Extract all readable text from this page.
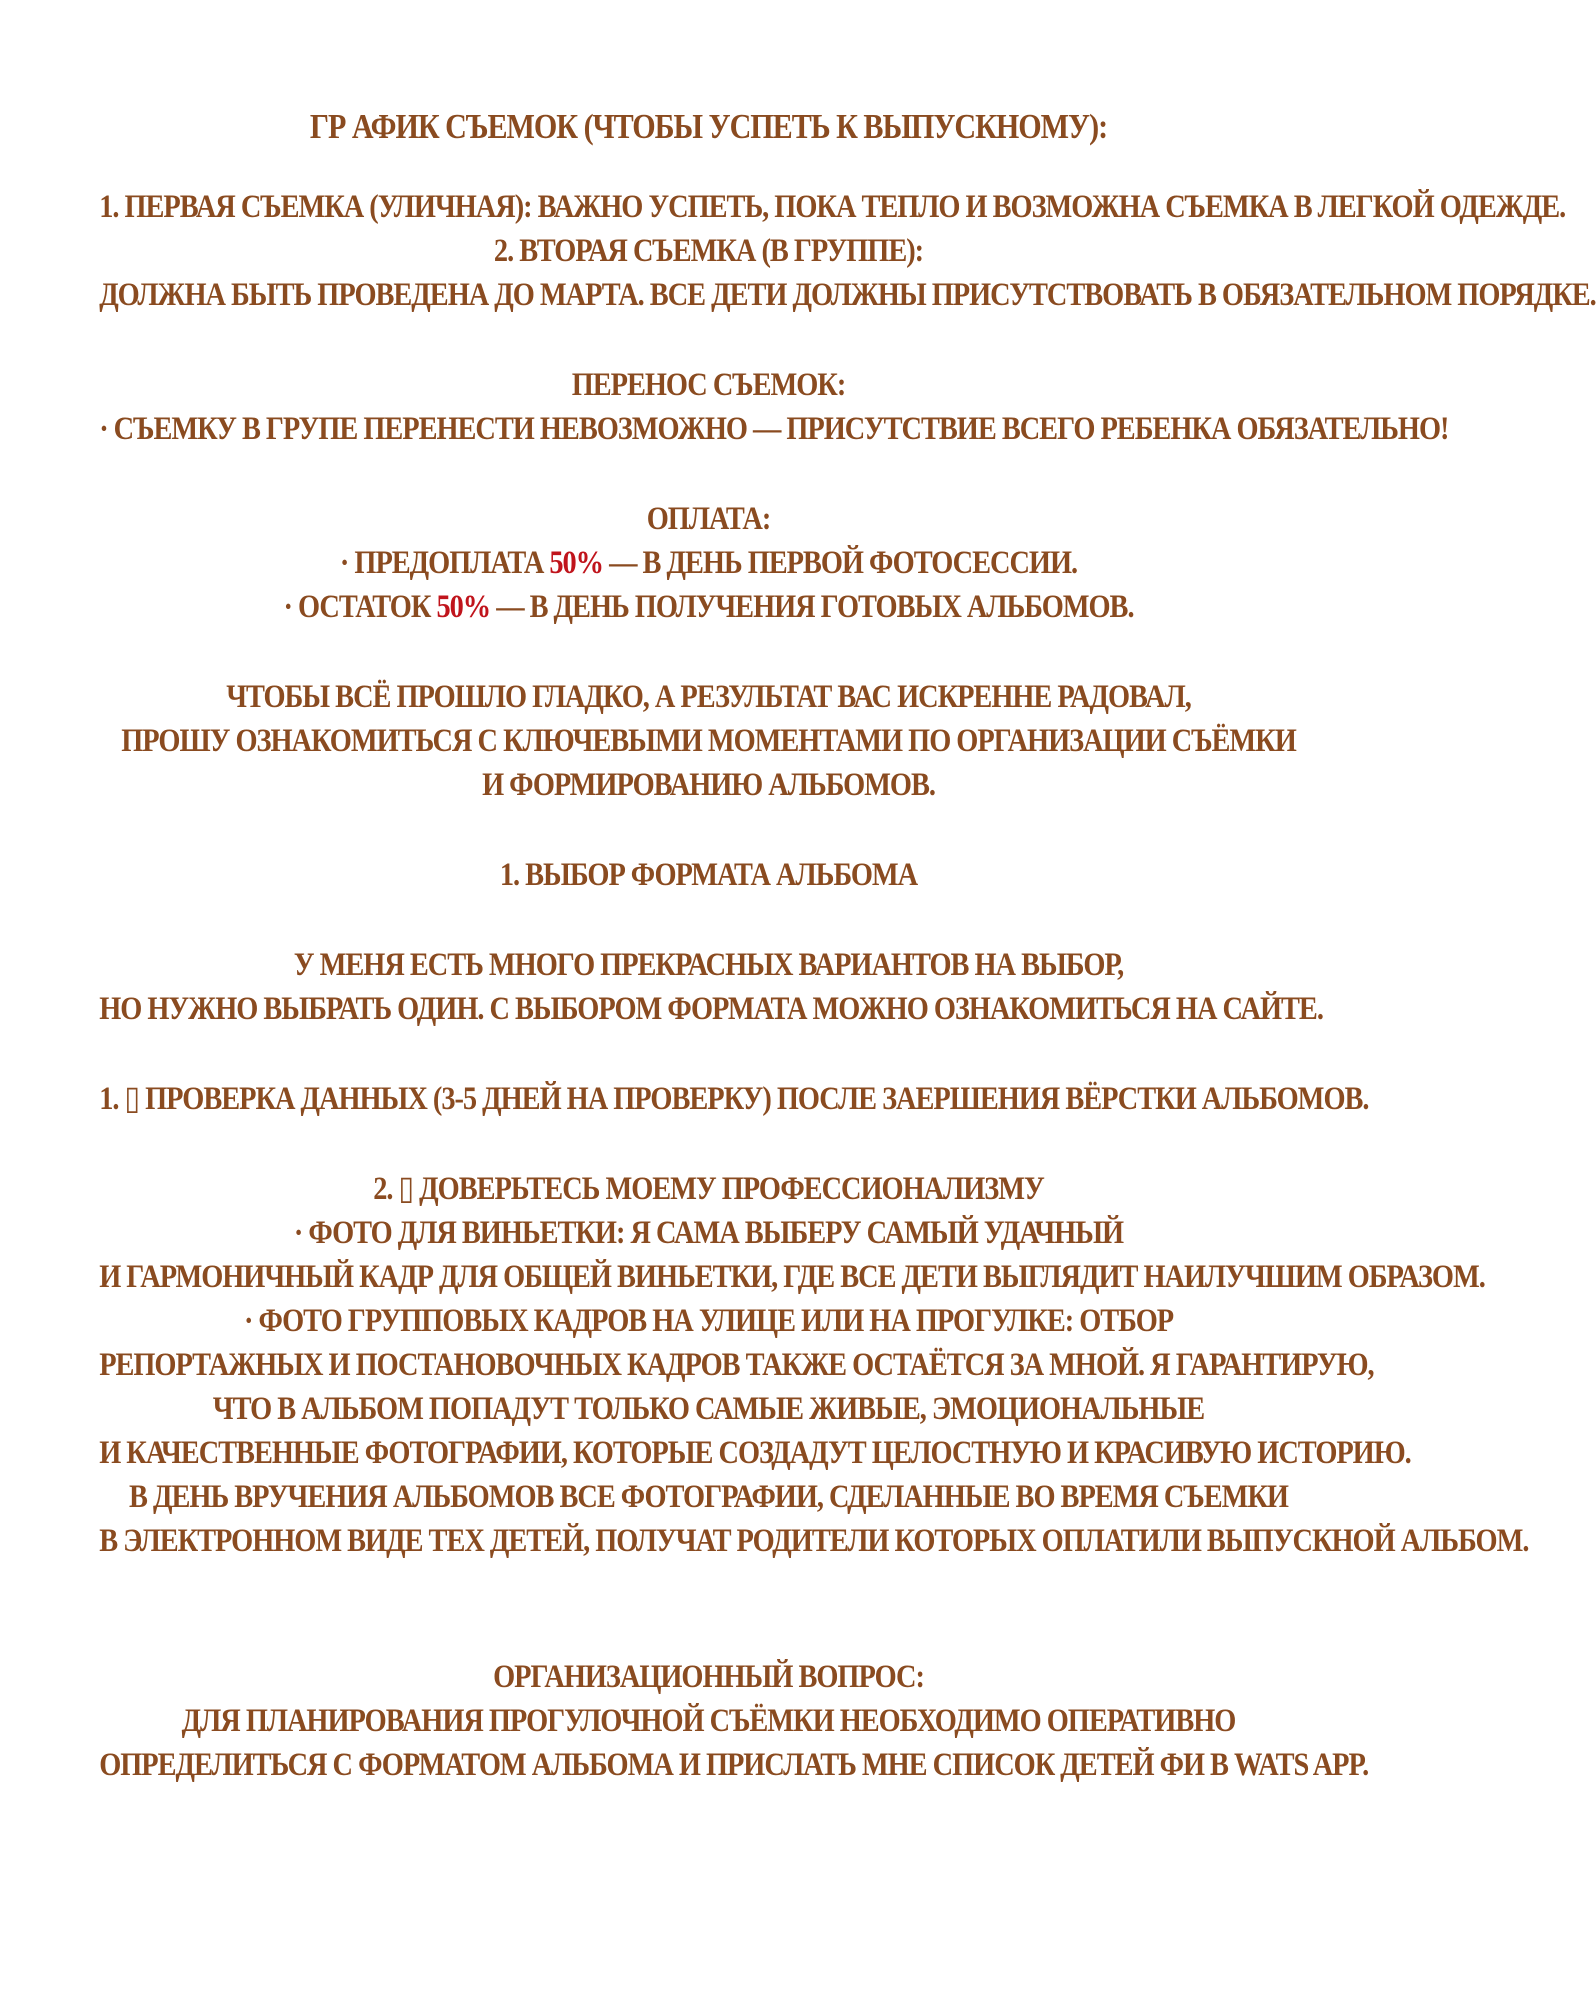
ГР АФИК СЪЕМОК (ЧТОБЫ УСПЕТЬ К ВЫПУСКНОМУ):
1. ПЕРВАЯ СЪЕМКА (УЛИЧНАЯ): ВАЖНО УСПЕТЬ, ПОКА ТЕПЛО И ВОЗМОЖНА СЪЕМКА В ЛЕГКОЙ ОДЕЖДЕ.
2. ВТОРАЯ СЪЕМКА (В ГРУППЕ):
ДОЛЖНА БЫТЬ ПРОВЕДЕНА ДО МАРТА. ВСЕ ДЕТИ ДОЛЖНЫ ПРИСУТСТВОВАТЬ В ОБЯЗАТЕЛЬНОМ ПОРЯДКЕ.
ПЕРЕНОС СЪЕМОК:
· СЪЕМКУ В ГРУПЕ ПЕРЕНЕСТИ НЕВОЗМОЖНО — ПРИСУТСТВИЕ ВСЕГО РЕБЕНКА ОБЯЗАТЕЛЬНО!
ОПЛАТА:
· ПРЕДОПЛАТА 50% — В ДЕНЬ ПЕРВОЙ ФОТОСЕССИИ.
· ОСТАТОК 50% — В ДЕНЬ ПОЛУЧЕНИЯ ГОТОВЫХ АЛЬБОМОВ.
ЧТОБЫ ВСЁ ПРОШЛО ГЛАДКО, А РЕЗУЛЬТАТ ВАС ИСКРЕННЕ РАДОВАЛ,
ПРОШУ ОЗНАКОМИТЬСЯ С КЛЮЧЕВЫМИ МОМЕНТАМИ ПО ОРГАНИЗАЦИИ СЪЁМКИ
И ФОРМИРОВАНИЮ АЛЬБОМОВ.
1. ВЫБОР ФОРМАТА АЛЬБОМА
У МЕНЯ ЕСТЬ МНОГО ПРЕКРАСНЫХ ВАРИАНТОВ НА ВЫБОР,
НО НУЖНО ВЫБРАТЬ ОДИН. С ВЫБОРОМ ФОРМАТА МОЖНО ОЗНАКОМИТЬСЯ НА САЙТЕ.
1. ▯ ПРОВЕРКА ДАННЫХ (3-5 ДНЕЙ НА ПРОВЕРКУ) ПОСЛЕ ЗАЕРШЕНИЯ ВЁРСТКИ АЛЬБОМОВ.
2. ▯ ДОВЕРЬТЕСЬ МОЕМУ ПРОФЕССИОНАЛИЗМУ
· ФОТО ДЛЯ ВИНЬЕТКИ: Я САМА ВЫБЕРУ САМЫЙ УДАЧНЫЙ
И ГАРМОНИЧНЫЙ КАДР ДЛЯ ОБЩЕЙ ВИНЬЕТКИ, ГДЕ ВСЕ ДЕТИ ВЫГЛЯДИТ НАИЛУЧШИМ ОБРАЗОМ.
· ФОТО ГРУППОВЫХ КАДРОВ НА УЛИЦЕ ИЛИ НА ПРОГУЛКЕ: ОТБОР
РЕПОРТАЖНЫХ И ПОСТАНОВОЧНЫХ КАДРОВ ТАКЖЕ ОСТАЁТСЯ ЗА МНОЙ. Я ГАРАНТИРУЮ,
ЧТО В АЛЬБОМ ПОПАДУТ ТОЛЬКО САМЫЕ ЖИВЫЕ, ЭМОЦИОНАЛЬНЫЕ
И КАЧЕСТВЕННЫЕ ФОТОГРАФИИ, КОТОРЫЕ СОЗДАДУТ ЦЕЛОСТНУЮ И КРАСИВУЮ ИСТОРИЮ.
В ДЕНЬ ВРУЧЕНИЯ АЛЬБОМОВ ВСЕ ФОТОГРАФИИ, СДЕЛАННЫЕ ВО ВРЕМЯ СЪЕМКИ
В ЭЛЕКТРОННОМ ВИДЕ ТЕХ ДЕТЕЙ, ПОЛУЧАТ РОДИТЕЛИ КОТОРЫХ ОПЛАТИЛИ ВЫПУСКНОЙ АЛЬБОМ.
ОРГАНИЗАЦИОННЫЙ ВОПРОС:
ДЛЯ ПЛАНИРОВАНИЯ ПРОГУЛОЧНОЙ СЪЁМКИ НЕОБХОДИМО ОПЕРАТИВНО
ОПРЕДЕЛИТЬСЯ С ФОРМАТОМ АЛЬБОМА И ПРИСЛАТЬ МНЕ СПИСОК ДЕТЕЙ ФИ В WATS APP.
